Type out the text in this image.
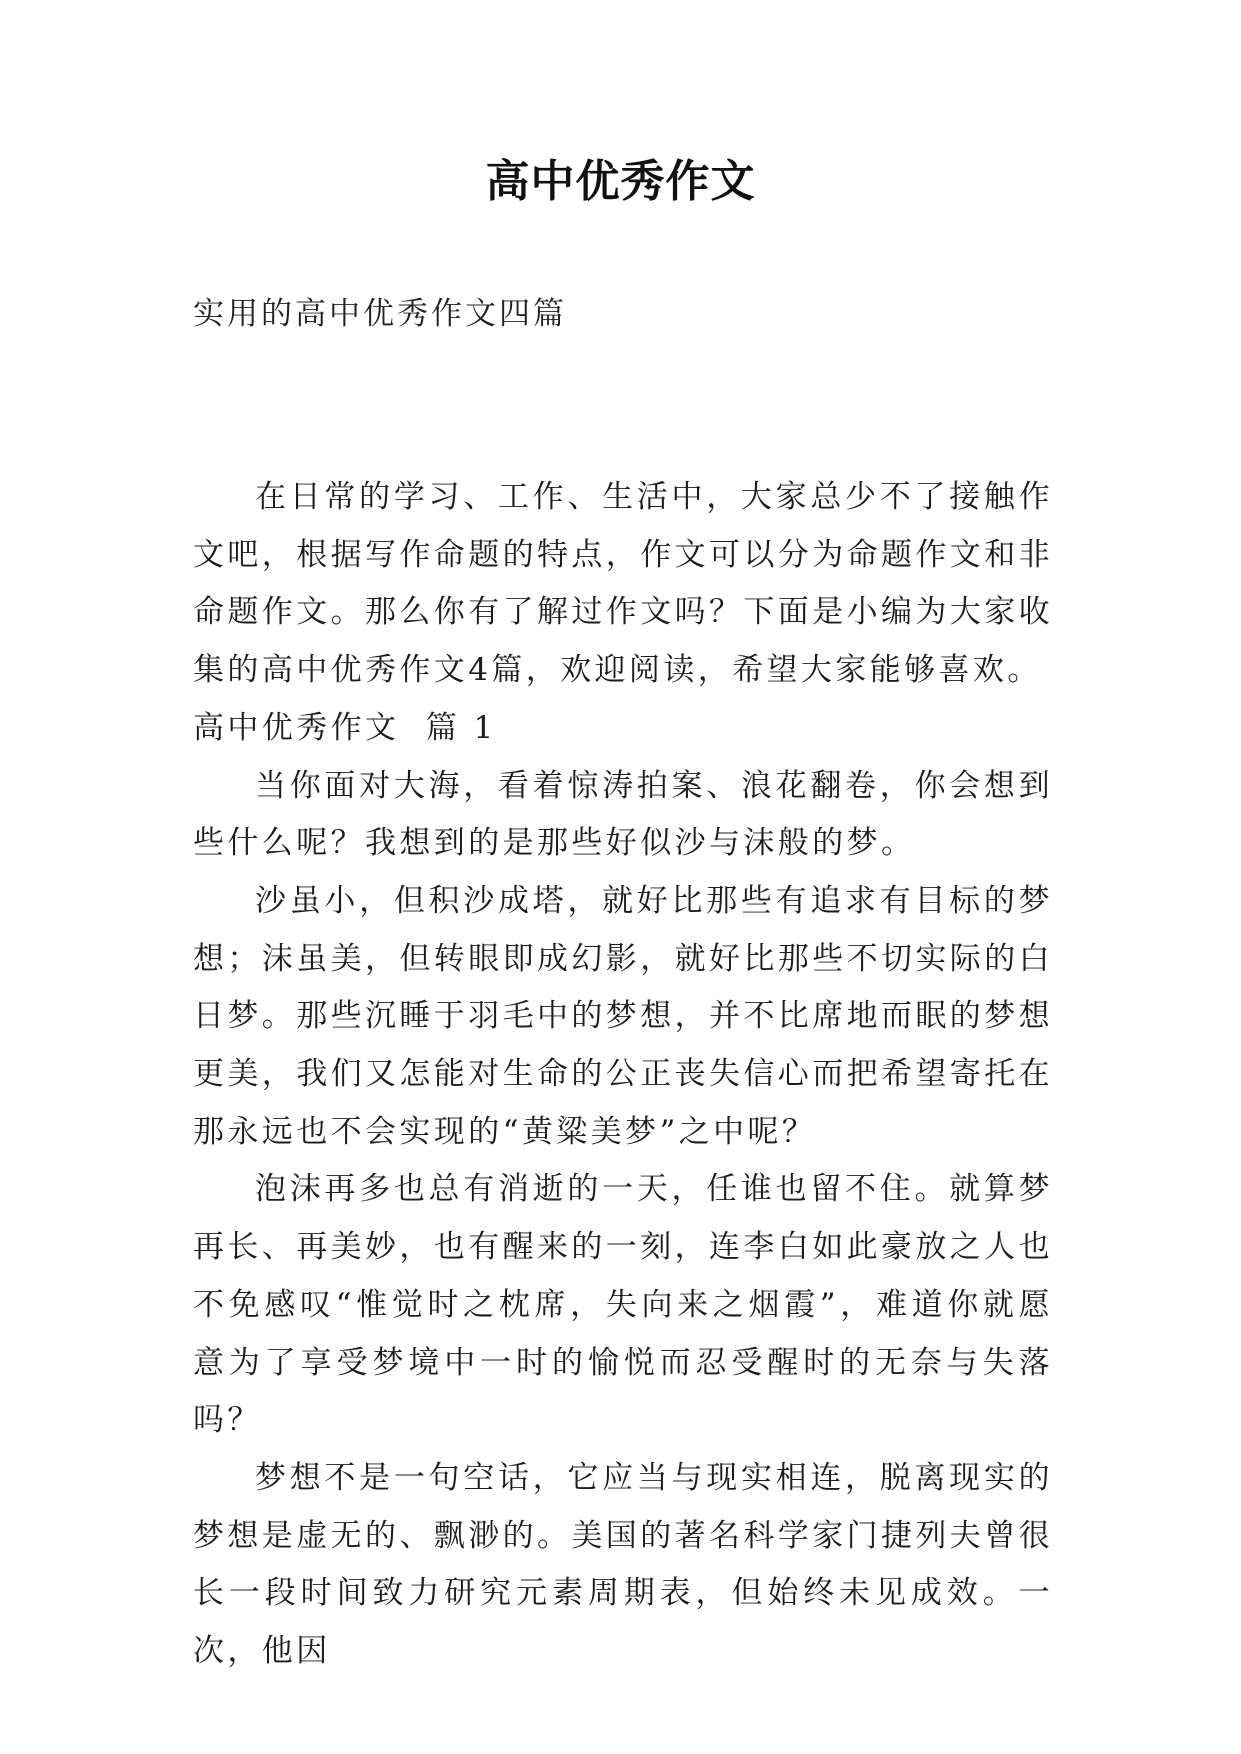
高中优秀作文
实用的高中优秀作文四篇

在日常的学习、工作、生活中，大家总少不了接触作文吧，根据写作命题的特点，作文可以分为命题作文和非命题作文。那么你有了解过作文吗？下面是小编为大家收集的高中优秀作文4篇，欢迎阅读，希望大家能够喜欢。

高中优秀作文  篇 1

当你面对大海，看着惊涛拍案、浪花翻卷，你会想到些什么呢？我想到的是那些好似沙与沫般的梦。

沙虽小，但积沙成塔，就好比那些有追求有目标的梦想；沫虽美，但转眼即成幻影，就好比那些不切实际的白日梦。那些沉睡于羽毛中的梦想，并不比席地而眠的梦想更美，我们又怎能对生命的公正丧失信心而把希望寄托在那永远也不会实现的“黄粱美梦”之中呢？

泡沫再多也总有消逝的一天，任谁也留不住。就算梦再长、再美妙，也有醒来的一刻，连李白如此豪放之人也不免感叹“惟觉时之枕席，失向来之烟霞”，难道你就愿意为了享受梦境中一时的愉悦而忍受醒时的无奈与失落吗？

梦想不是一句空话，它应当与现实相连，脱离现实的梦想是虚无的、飘渺的。美国的著名科学家门捷列夫曾很长一段时间致力研究元素周期表，但始终未见成效。一次，他因
